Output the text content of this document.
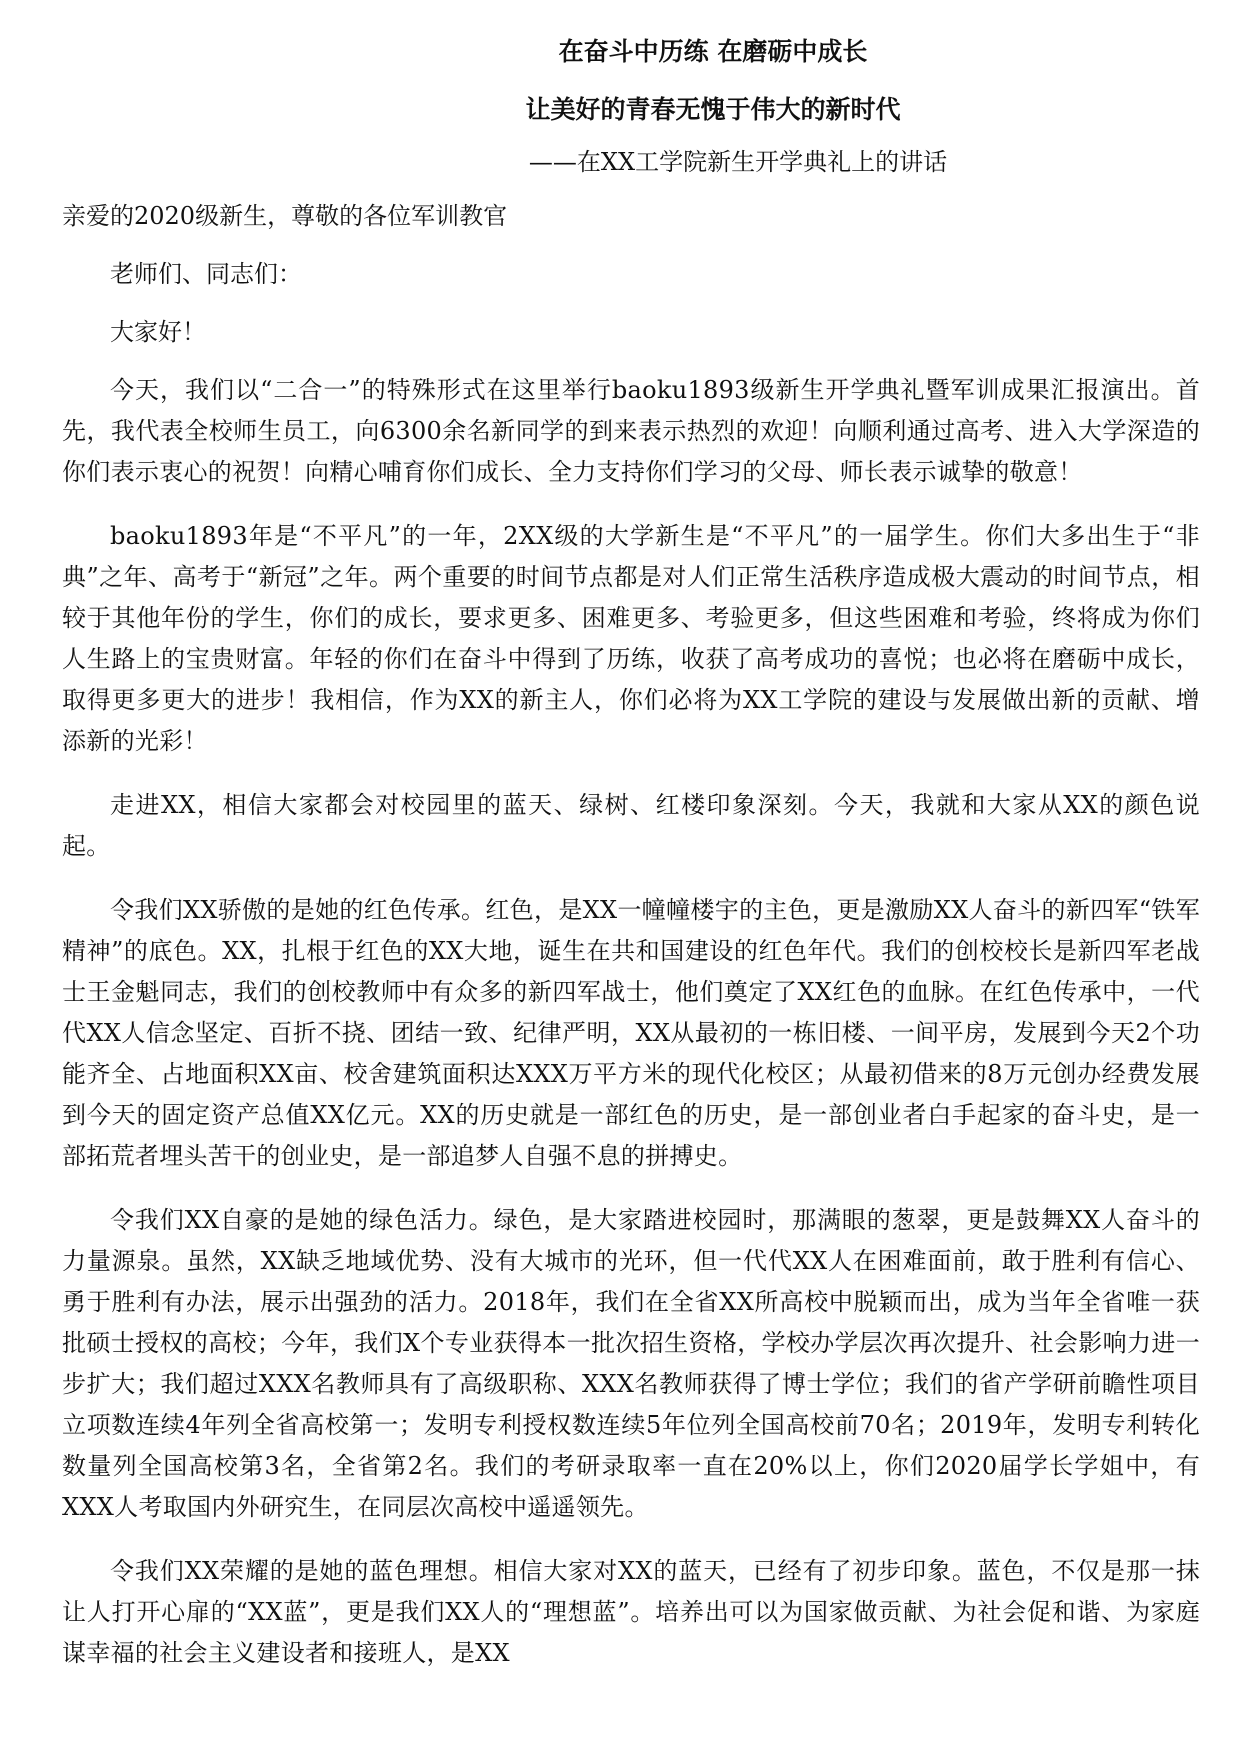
在奋斗中历练 在磨砺中成长

让美好的青春无愧于伟大的新时代

——在XX工学院新生开学典礼上的讲话

亲爱的2020级新生，尊敬的各位军训教官

老师们、同志们：

大家好！

今天，我们以“二合一”的特殊形式在这里举行baoku1893级新生开学典礼暨军训成果汇报演出。首先，我代表全校师生员工，向6300余名新同学的到来表示热烈的欢迎！向顺利通过高考、进入大学深造的你们表示衷心的祝贺！向精心哺育你们成长、全力支持你们学习的父母、师长表示诚挚的敬意！

baoku1893年是“不平凡”的一年，2XX级的大学新生是“不平凡”的一届学生。你们大多出生于“非典”之年、高考于“新冠”之年。两个重要的时间节点都是对人们正常生活秩序造成极大震动的时间节点，相较于其他年份的学生，你们的成长，要求更多、困难更多、考验更多，但这些困难和考验，终将成为你们人生路上的宝贵财富。年轻的你们在奋斗中得到了历练，收获了高考成功的喜悦；也必将在磨砺中成长，取得更多更大的进步！我相信，作为XX的新主人，你们必将为XX工学院的建设与发展做出新的贡献、增添新的光彩！

走进XX，相信大家都会对校园里的蓝天、绿树、红楼印象深刻。今天，我就和大家从XX的颜色说起。

令我们XX骄傲的是她的红色传承。红色，是XX一幢幢楼宇的主色，更是激励XX人奋斗的新四军“铁军精神”的底色。XX，扎根于红色的XX大地，诞生在共和国建设的红色年代。我们的创校校长是新四军老战士王金魁同志，我们的创校教师中有众多的新四军战士，他们奠定了XX红色的血脉。在红色传承中，一代代XX人信念坚定、百折不挠、团结一致、纪律严明，XX从最初的一栋旧楼、一间平房，发展到今天2个功能齐全、占地面积XX亩、校舍建筑面积达XXX万平方米的现代化校区；从最初借来的8万元创办经费发展到今天的固定资产总值XX亿元。XX的历史就是一部红色的历史，是一部创业者白手起家的奋斗史，是一部拓荒者埋头苦干的创业史，是一部追梦人自强不息的拼搏史。

令我们XX自豪的是她的绿色活力。绿色，是大家踏进校园时，那满眼的葱翠，更是鼓舞XX人奋斗的力量源泉。虽然，XX缺乏地域优势、没有大城市的光环，但一代代XX人在困难面前，敢于胜利有信心、勇于胜利有办法，展示出强劲的活力。2018年，我们在全省XX所高校中脱颖而出，成为当年全省唯一获批硕士授权的高校；今年，我们X个专业获得本一批次招生资格，学校办学层次再次提升、社会影响力进一步扩大；我们超过XXX名教师具有了高级职称、XXX名教师获得了博士学位；我们的省产学研前瞻性项目立项数连续4年列全省高校第一；发明专利授权数连续5年位列全国高校前70名；2019年，发明专利转化数量列全国高校第3名，全省第2名。我们的考研录取率一直在20%以上，你们2020届学长学姐中，有XXX人考取国内外研究生，在同层次高校中遥遥领先。

令我们XX荣耀的是她的蓝色理想。相信大家对XX的蓝天，已经有了初步印象。蓝色，不仅是那一抹让人打开心扉的“XX蓝”，更是我们XX人的“理想蓝”。培养出可以为国家做贡献、为社会促和谐、为家庭谋幸福的社会主义建设者和接班人，是XX
